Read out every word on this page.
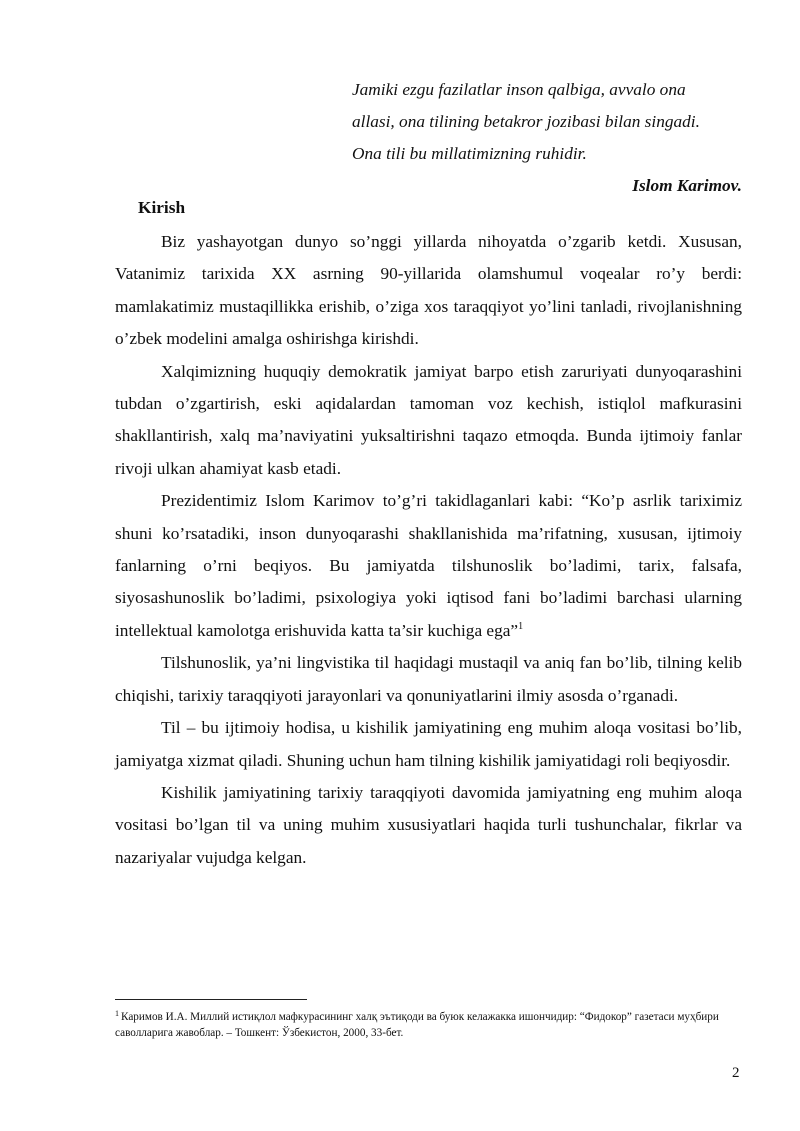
Jamiki ezgu fazilatlar inson qalbiga, avvalo ona
allasi, ona tilining betakror jozibasi bilan singadi.
Ona tili bu millatimizning ruhidir.
Islom Karimov.
Kirish

Biz yashayotgan dunyo so’nggi yillarda nihoyatda o’zgarib ketdi. Xususan, Vatanimiz tarixida XX asrning 90-yillarida olamshumul voqealar ro’y berdi: mamlakatimiz mustaqillikka erishib, o’ziga xos taraqqiyot yo’lini tanladi, rivojlanishning o’zbek modelini amalga oshirishga kirishdi.

Xalqimizning huquqiy demokratik jamiyat barpo etish zaruriyati dunyoqarashini tubdan o’zgartirish, eski aqidalardan tamoman voz kechish, istiqlol mafkurasini shakllantirish, xalq ma’naviyatini yuksaltirishni taqazo etmoqda. Bunda ijtimoiy fanlar rivoji ulkan ahamiyat kasb etadi.

Prezidentimiz Islom Karimov to’g’ri takidlaganlari kabi: “Ko’p asrlik tariximiz shuni ko’rsatadiki, inson dunyoqarashi shakllanishida ma’rifatning, xususan, ijtimoiy fanlarning o’rni beqiyos. Bu jamiyatda tilshunoslik bo’ladimi, tarix, falsafa, siyosashunoslik bo’ladimi, psixologiya yoki iqtisod fani bo’ladimi barchasi ularning intellektual kamolotga erishuvida katta ta’sir kuchiga ega”$^1$

Tilshunoslik, ya’ni lingvistika til haqidagi mustaqil va aniq fan bo’lib, tilning kelib chiqishi, tarixiy taraqqiyoti jarayonlari va qonuniyatlarini ilmiy asosda o’rganadi.

Til – bu ijtimoiy hodisa, u kishilik jamiyatining eng muhim aloqa vositasi bo’lib, jamiyatga xizmat qiladi. Shuning uchun ham tilning kishilik jamiyatidagi roli beqiyosdir.

Kishilik jamiyatining tarixiy taraqqiyoti davomida jamiyatning eng muhim aloqa vositasi bo’lgan til va uning muhim xususiyatlari haqida turli tushunchalar, fikrlar va nazariyalar vujudga kelgan.

$^1$ Каримов И.А. Миллий истиқлол мафкурасининг халқ эътиқоди ва буюк келажакка ишончидир: “Фидокор” газетаси муҳбири саволларига жавоблар. – Тошкент: Ўзбекистон, 2000, 33-бет.
2
